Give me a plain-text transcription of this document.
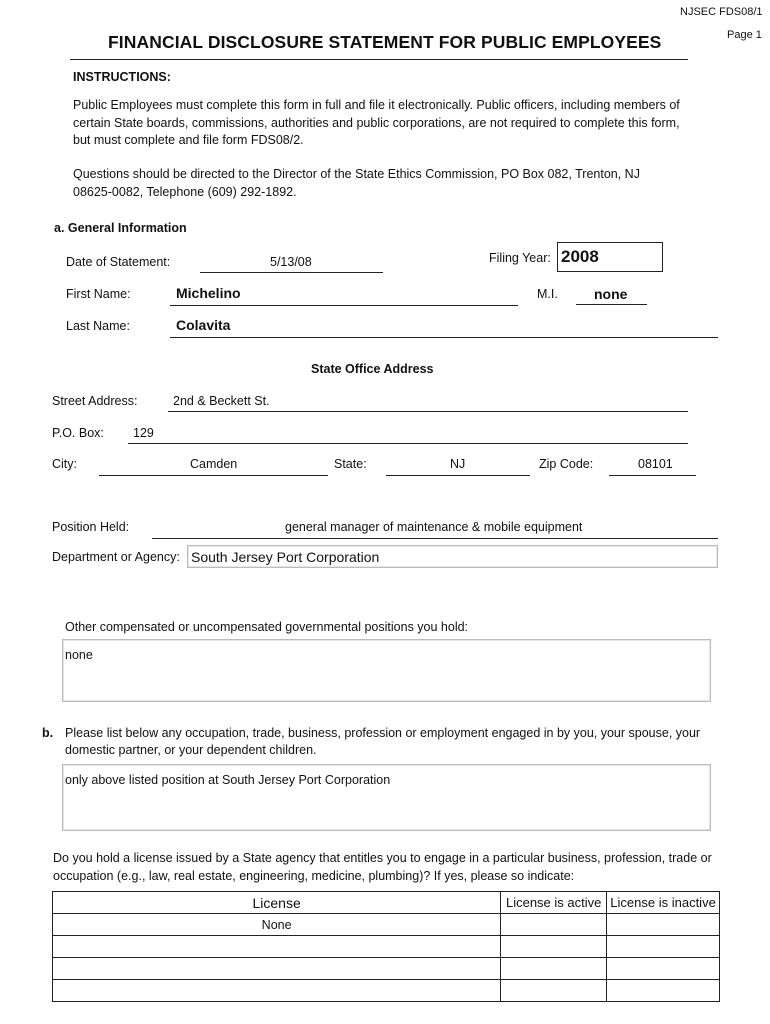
NJSEC FDS08/1
Page 1
FINANCIAL DISCLOSURE STATEMENT FOR PUBLIC EMPLOYEES
INSTRUCTIONS:
Public Employees must complete this form in full and file it electronically. Public officers, including members of
certain State boards, commissions, authorities and public corporations, are not required to complete this form,
but must complete and file form FDS08/2.
Questions should be directed to the Director of the State Ethics Commission, PO Box 082, Trenton, NJ
08625-0082, Telephone (609) 292-1892.
a. General Information
Date of Statement:	5/13/08	Filing Year: 2008
First Name:	Michelino	M.I.	none
Last Name:	Colavita
State Office Address
Street Address:	2nd & Beckett St.
P.O. Box: 129
City:	Camden	State:	NJ	Zip Code:	08101
Position Held:	general manager of maintenance & mobile equipment
Department or Agency: South Jersey Port Corporation
Other compensated or uncompensated governmental positions you hold:
none
b. Please list below any occupation, trade, business, profession or employment engaged in by you, your spouse, your
domestic partner, or your dependent children.
only above listed position at South Jersey Port Corporation
Do you hold a license issued by a State agency that entitles you to engage in a particular business, profession, trade or
occupation (e.g., law, real estate, engineering, medicine, plumbing)? If yes, please so indicate:
License	License is active	License is inactive
None		
